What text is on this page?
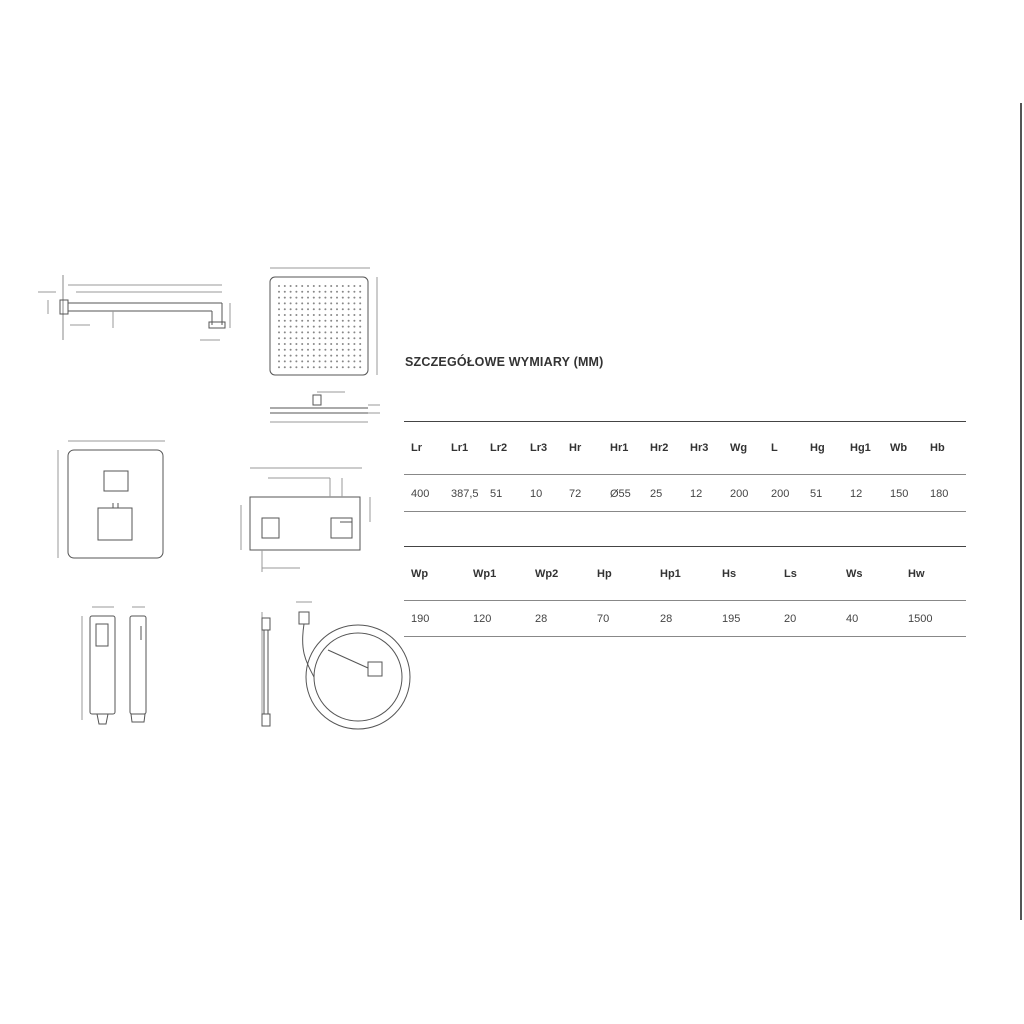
SZCZEGÓŁOWE WYMIARY (MM)
Lr
400
Lr1
387,5
Lr2
51
Lr3
10
Hr
72
Hr1
Ø55
Hr2
25
Hr3
12
Wg
200
L
200
Hg
51
Hg1
12
Wb
150
Hb
180
Wp
190
Wp1
120
Wp2
28
Hp
70
Hp1
28
Hs
195
Ls
20
Ws
40
Hw
1500
